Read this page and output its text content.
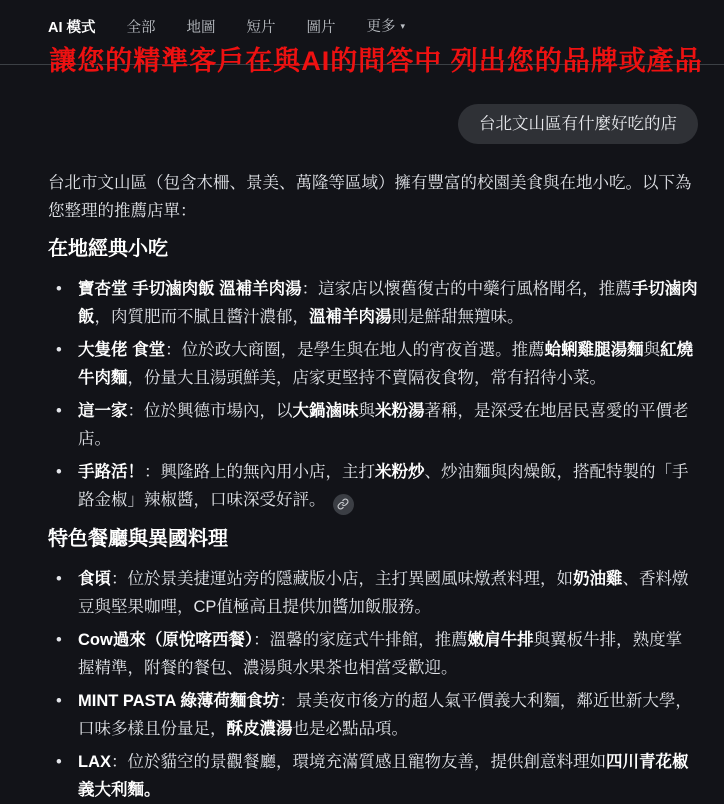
AI 模式 全部 地圖 短片 圖片 更多 ▾
讓您的精準客戶在與AI的問答中 列出您的品牌或產品
台北文山區有什麼好吃的店

台北市文山區（包含木柵、景美、萬隆等區域）擁有豐富的校園美食與在地小吃。以下為您整理的推薦店單：

在地經典小吃
• 寶杏堂 手切滷肉飯 溫補羊肉湯：這家店以懷舊復古的中藥行風格聞名，推薦手切滷肉飯，肉質肥而不膩且醬汁濃郁，溫補羊肉湯則是鮮甜無羶味。
• 大隻佬 食堂：位於政大商圈，是學生與在地人的宵夜首選。推薦蛤蜊雞腿湯麵與紅燒牛肉麵，份量大且湯頭鮮美，店家更堅持不賣隔夜食物，常有招待小菜。
• 這一家：位於興德市場內，以大鍋滷味與米粉湯著稱，是深受在地居民喜愛的平價老店。
• 手路活！：興隆路上的無內用小店，主打米粉炒、炒油麵與肉燥飯，搭配特製的「手路金椒」辣椒醬，口味深受好評。
特色餐廳與異國料理
• 食頃：位於景美捷運站旁的隱藏版小店，主打異國風味燉煮料理，如奶油雞、香料燉豆與堅果咖哩，CP值極高且提供加醬加飯服務。
• Cow過來（原悅喀西餐）：溫馨的家庭式牛排館，推薦嫩肩牛排與翼板牛排，熟度掌握精準，附餐的餐包、濃湯與水果茶也相當受歡迎。
• MINT PASTA 綠薄荷麵食坊：景美夜市後方的超人氣平價義大利麵，鄰近世新大學，口味多樣且份量足，酥皮濃湯也是必點品項。
• LAX：位於貓空的景觀餐廳，環境充滿質感且寵物友善，提供創意料理如四川青花椒義大利麵。
